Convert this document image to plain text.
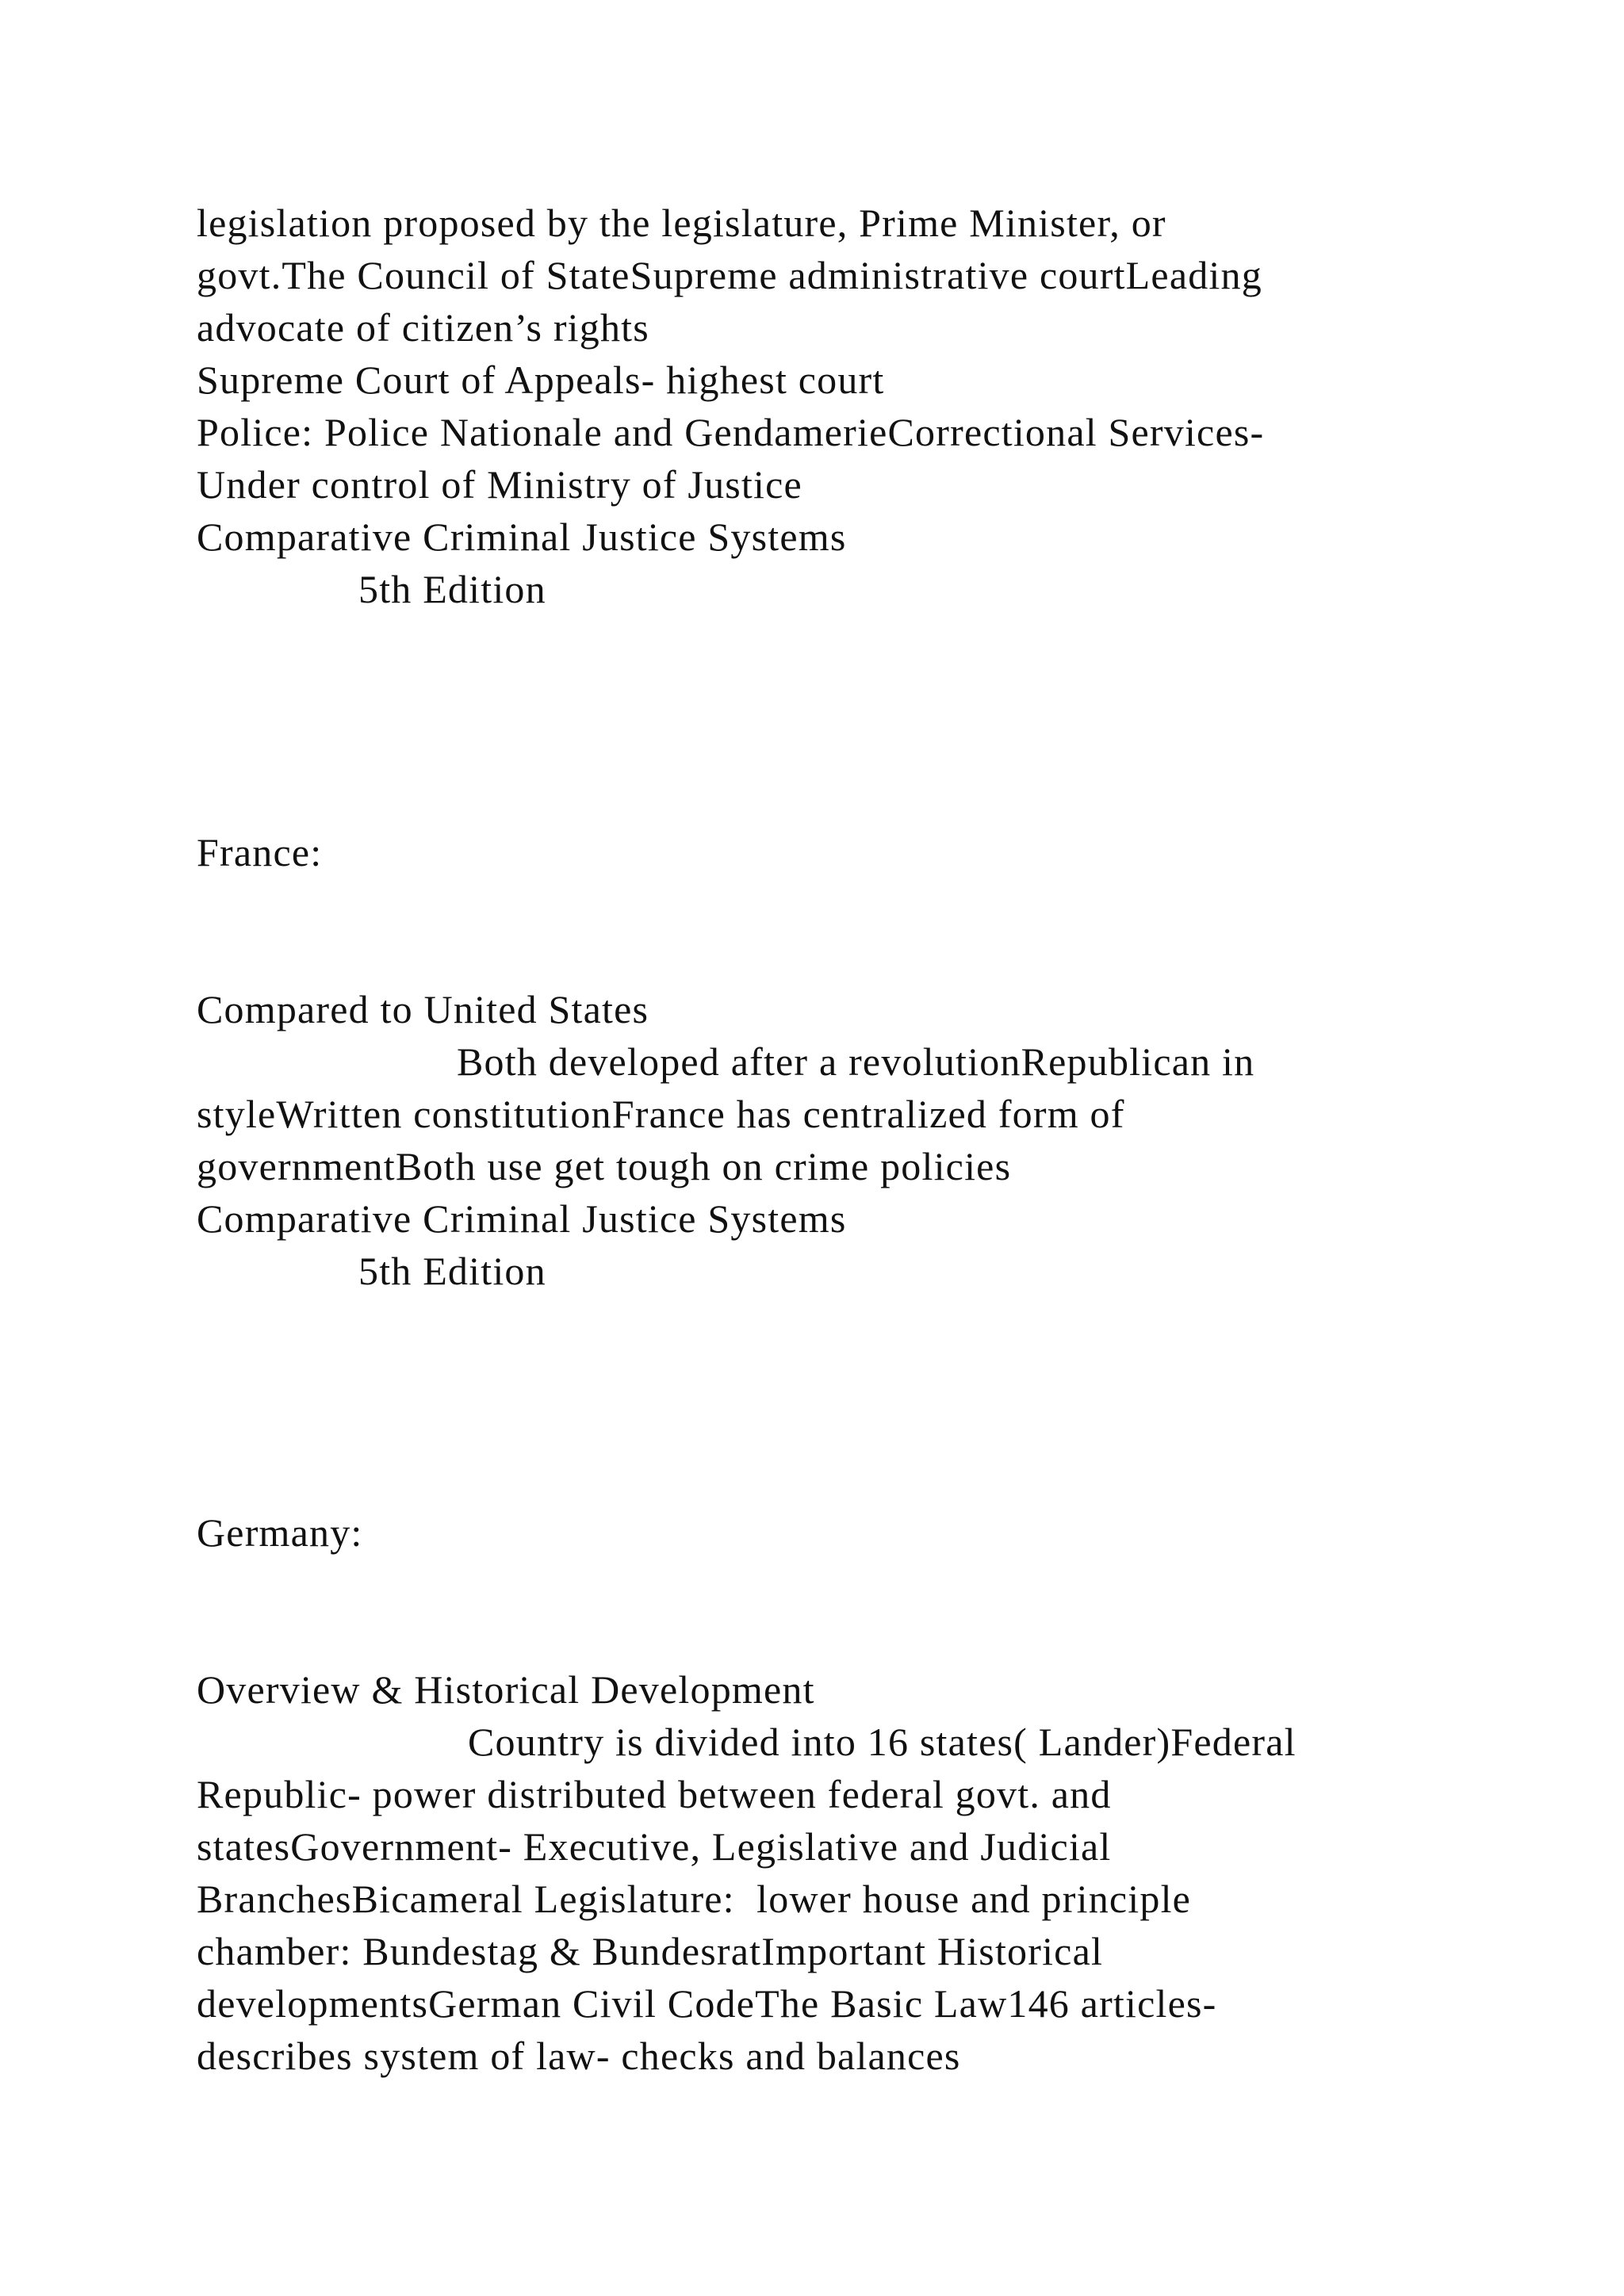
legislation proposed by the legislature, Prime Minister, or

govt.The Council of StateSupreme administrative courtLeading

advocate of citizen’s rights

Supreme Court of Appeals- highest court

Police: Police Nationale and GendamerieCorrectional Services-

Under control of Ministry of Justice

Comparative Criminal Justice Systems

5th Edition

France:

Compared to United States

Both developed after a revolutionRepublican in

styleWritten constitutionFrance has centralized form of

governmentBoth use get tough on crime policies

Comparative Criminal Justice Systems

5th Edition

Germany:

Overview & Historical Development

Country is divided into 16 states( Lander)Federal

Republic- power distributed between federal govt. and

statesGovernment- Executive, Legislative and Judicial

BranchesBicameral Legislature:  lower house and principle

chamber: Bundestag & BundesratImportant Historical

developmentsGerman Civil CodeThe Basic Law146 articles-

describes system of law- checks and balances
